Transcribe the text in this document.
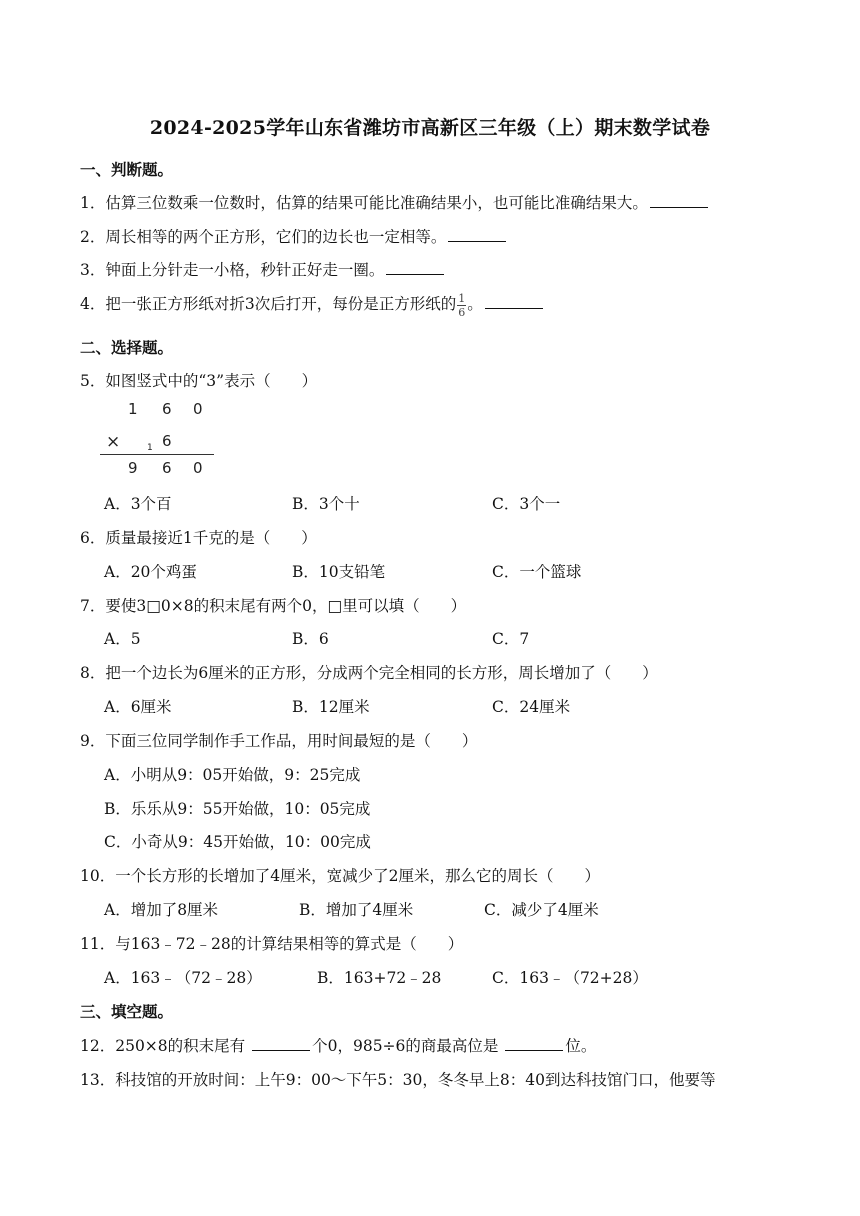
2024-2025学年山东省潍坊市高新区三年级（上）期末数学试卷
一、判断题。
1．估算三位数乘一位数时，估算的结果可能比准确结果小，也可能比准确结果大。
2．周长相等的两个正方形，它们的边长也一定相等。
3．钟面上分针走一小格，秒针正好走一圈。
4．把一张正方形纸对折3次后打开，每份是正方形纸的 $\frac{1}{6}$ 。
二、选择题。
5．如图竖式中的“3”表示（　　）
1 6 0
×	1 6
9 6 0
A．3个百	B．3个十	C．3个一
6．质量最接近1千克的是（　　）
A．20个鸡蛋	B．10支铅笔	C．一个篮球
7．要使3□0×8的积末尾有两个0，□里可以填（　　）
A．5	B．6	C．7
8．把一个边长为6厘米的正方形，分成两个完全相同的长方形，周长增加了（　　）
A．6厘米	B．12厘米	C．24厘米
9．下面三位同学制作手工作品，用时间最短的是（　　）
A．小明从9：05开始做，9：25完成
B．乐乐从9：55开始做，10：05完成
C．小奇从9：45开始做，10：00完成
10．一个长方形的长增加了4厘米，宽减少了2厘米，那么它的周长（　　）
A．增加了8厘米	B．增加了4厘米	C．减少了4厘米
11．与163﹣72﹣28的计算结果相等的算式是（　　）
A．163﹣（72﹣28）	B．163+72﹣28	C．163﹣（72+28）
三、填空题。
12．250×8的积末尾有	个0，985÷6的商最高位是	位。
13．科技馆的开放时间：上午9：00～下午5：30，冬冬早上8：40到达科技馆门口，他要等
